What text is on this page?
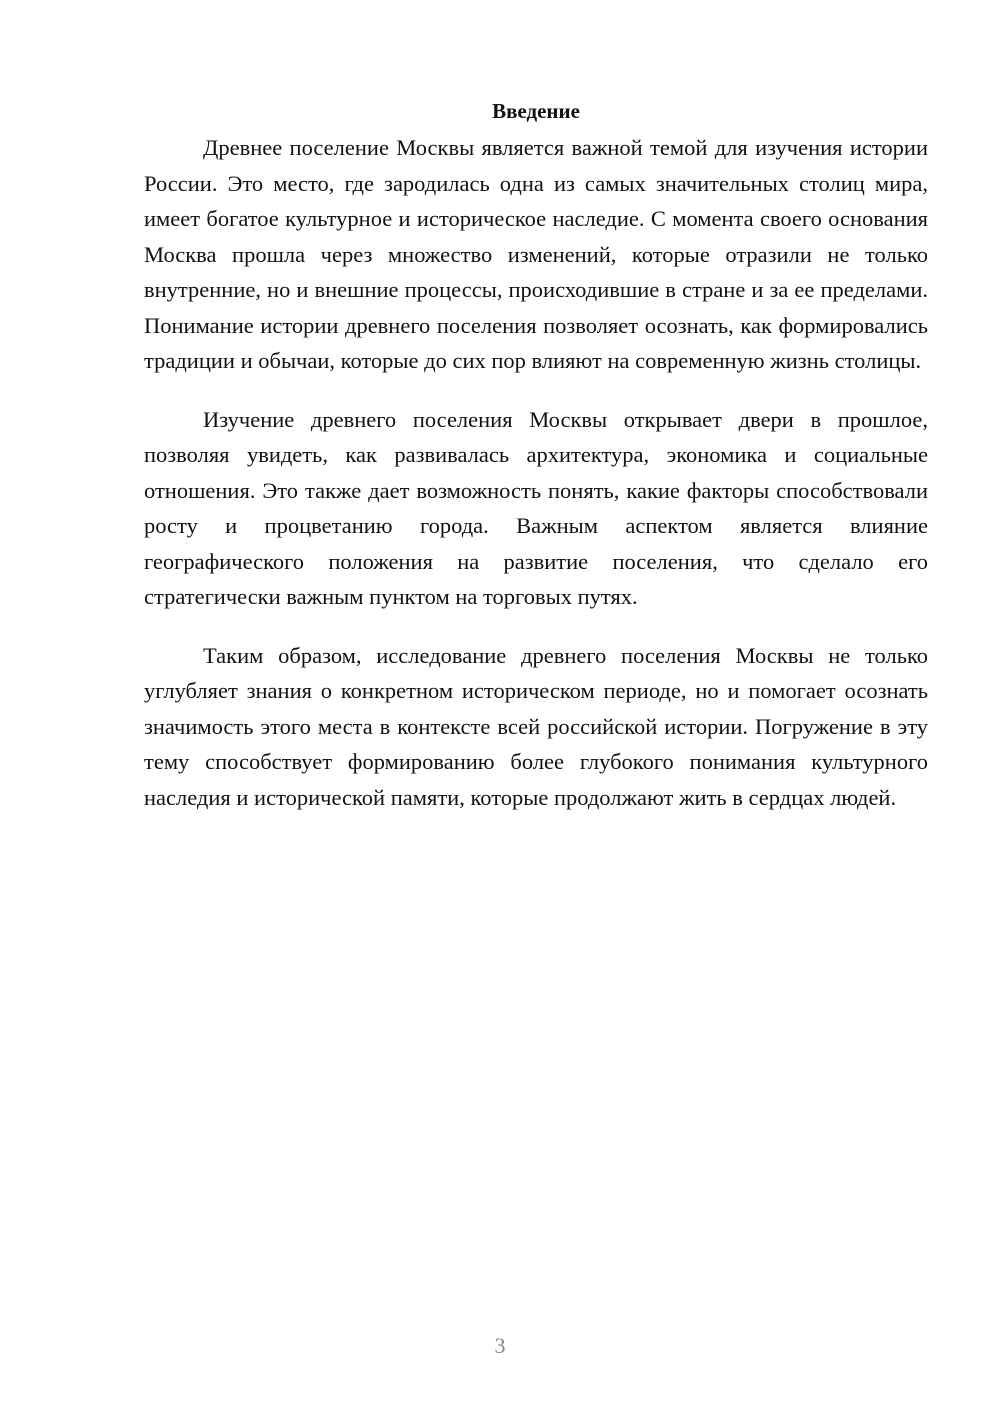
Введение

Древнее поселение Москвы является важной темой для изучения истории России. Это место, где зародилась одна из самых значительных столиц мира, имеет богатое культурное и историческое наследие. С момента своего основания Москва прошла через множество изменений, которые отразили не только внутренние, но и внешние процессы, происходившие в стране и за ее пределами. Понимание истории древнего поселения позволяет осознать, как формировались традиции и обычаи, которые до сих пор влияют на современную жизнь столицы.

Изучение древнего поселения Москвы открывает двери в прошлое, позволяя увидеть, как развивалась архитектура, экономика и социальные отношения. Это также дает возможность понять, какие факторы способствовали росту и процветанию города. Важным аспектом является влияние географического положения на развитие поселения, что сделало его стратегически важным пунктом на торговых путях.

Таким образом, исследование древнего поселения Москвы не только углубляет знания о конкретном историческом периоде, но и помогает осознать значимость этого места в контексте всей российской истории. Погружение в эту тему способствует формированию более глубокого понимания культурного наследия и исторической памяти, которые продолжают жить в сердцах людей.

3
